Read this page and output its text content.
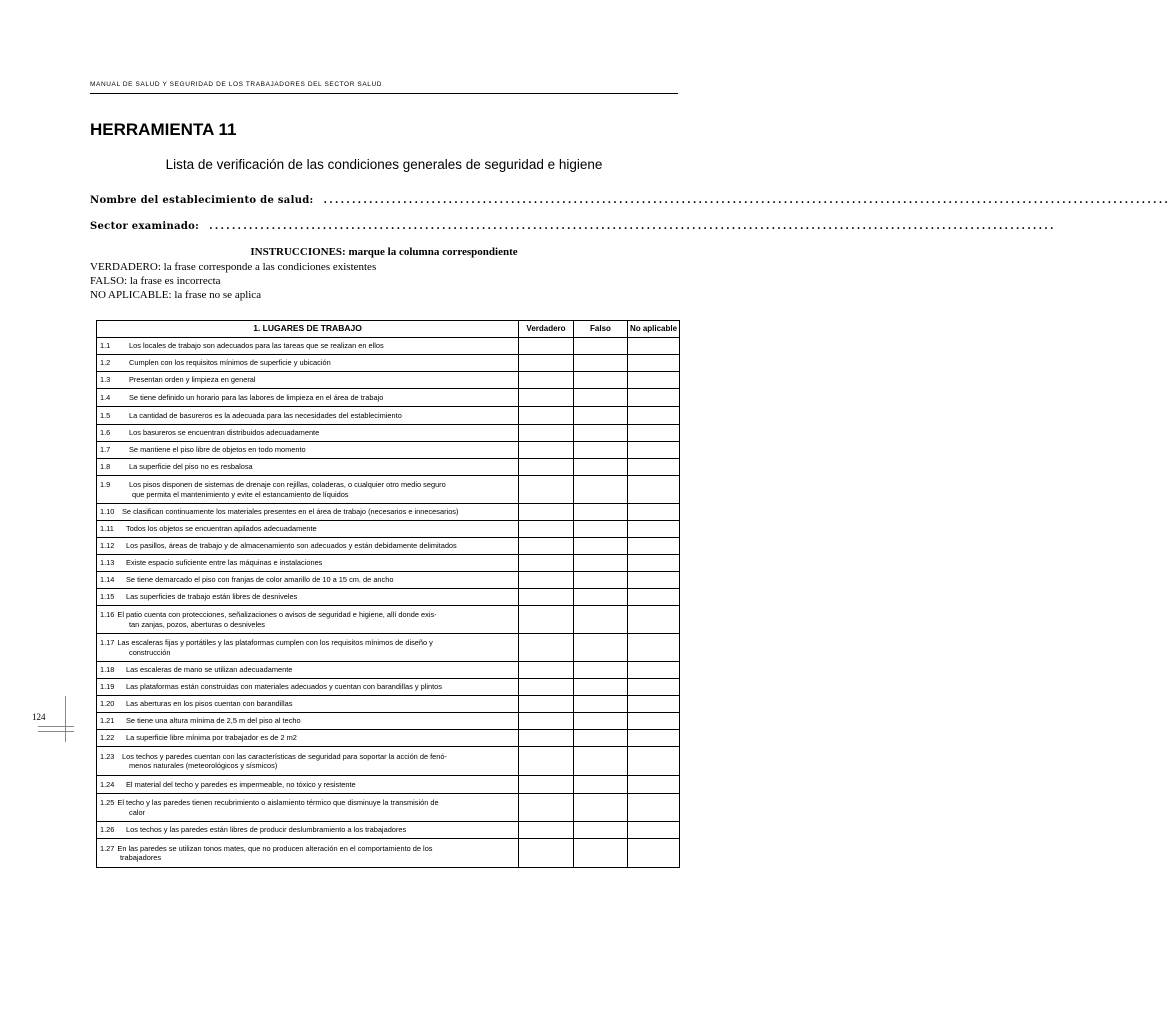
MANUAL DE SALUD Y SEGURIDAD DE LOS TRABAJADORES DEL SECTOR SALUD
HERRAMIENTA 11
Lista de verificación de las condiciones generales de seguridad e higiene
Nombre del establecimiento de salud: .....................................................................................................................................................
Sector examinado: .....................................................................................................................................................
INSTRUCCIONES: marque la columna correspondiente
VERDADERO: la frase corresponde a las condiciones existentes
FALSO: la frase es incorrecta
NO APLICABLE: la frase no se aplica
1. LUGARES DE TRABAJO	Verdadero	Falso	No aplicable
1.1 Los locales de trabajo son adecuados para las tareas que se realizan en ellos			
1.2 Cumplen con los requisitos mínimos de superficie y ubicación			
1.3 Presentan orden y limpieza en general			
1.4 Se tiene definido un horario para las labores de limpieza en el área de trabajo			
1.5 La cantidad de basureros es la adecuada para las necesidades del establecimiento			
1.6 Los basureros se encuentran distribuidos adecuadamente			
1.7 Se mantiene el piso libre de objetos en todo momento			
1.8 La superficie del piso no es resbalosa			
1.9 Los pisos disponen de sistemas de drenaje con rejillas, coladeras, o cualquier otro medio seguro
que permita el mantenimiento y evite el estancamiento de líquidos			

1.10 Se clasifican continuamente los materiales presentes en el área de trabajo (necesarios e innecesarios)			
1.11 Todos los objetos se encuentran apilados adecuadamente			
1.12 Los pasillos, áreas de trabajo y de almacenamiento son adecuados y están debidamente delimitados			
1.13 Existe espacio suficiente entre las máquinas e instalaciones			
1.14 Se tiene demarcado el piso con franjas de color amarillo de 10 a 15 cm. de ancho			
1.15 Las superficies de trabajo están libres de desniveles			
1.16 El patio cuenta con protecciones, señalizaciones o avisos de seguridad e higiene, allí donde exis-
tan zanjas, pozos, aberturas o desniveles			

1.17 Las escaleras fijas y portátiles y las plataformas cumplen con los requisitos mínimos de diseño y
construcción			

1.18 Las escaleras de mano se utilizan adecuadamente			
1.19 Las plataformas están construidas con materiales adecuados y cuentan con barandillas y plintos			
1.20 Las aberturas en los pisos cuentan con barandillas			
1.21 Se tiene una altura mínima de 2,5 m del piso al techo			
1.22 La superficie libre mínima por trabajador es de 2 m2			
1.23 Los techos y paredes cuentan con las características de seguridad para soportar la acción de fenó-
menos naturales (meteorológicos y sísmicos)			

1.24 El material del techo y paredes es impermeable, no tóxico y resistente			
1.25 El techo y las paredes tienen recubrimiento o aislamiento térmico que disminuye la transmisión de
calor			

1.26 Los techos y las paredes están libres de producir deslumbramiento a los trabajadores			
1.27 En las paredes se utilizan tonos mates, que no producen alteración en el comportamiento de los
trabajadores			

124
